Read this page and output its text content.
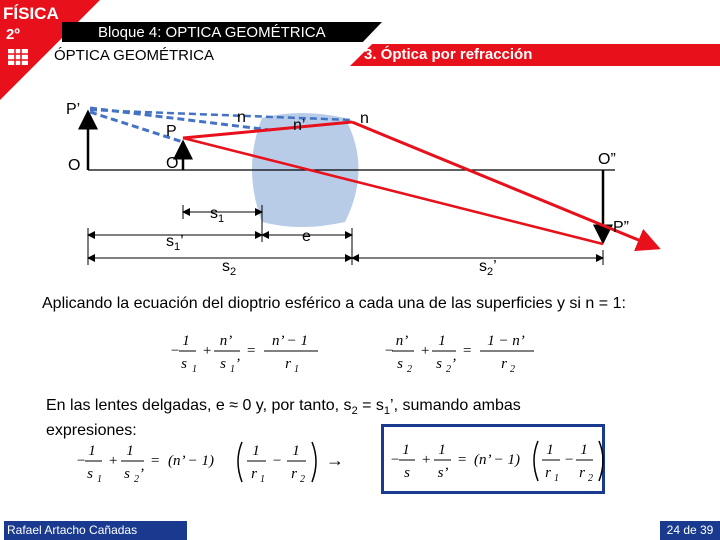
FÍSICA
2º	Bloque 4: OPTICA GEOMÉTRICA
3. Óptica por refracción
ÓPTICA GEOMÉTRICA
P’
P
O	O
n	n’	n
O”
P”
$s_1$
$s_1$’	e
$s_2$	$s_2$’
Aplicando la ecuación del dioptrio esférico a cada una de las superficies y si n = 1:
−
1
s 1
+
n’
s 1 ’
=
n’ − 1
r 1
−
n’
s 2
+
1
s 2 ’
=
1 − n’
r 2
En las lentes delgadas, e ≈ 0 y, por tanto, $s_2 = s_1$’, sumando ambas expresiones:
−
1
s 1
+
1
s 2 ’
= (n’ − 1)
1
r 1
−
1
r 2
→	−
1
s
+
1
s’
= (n’ − 1)
1
r 1
−
1
r 2
Rafael Artacho Cañadas	24 de 39
